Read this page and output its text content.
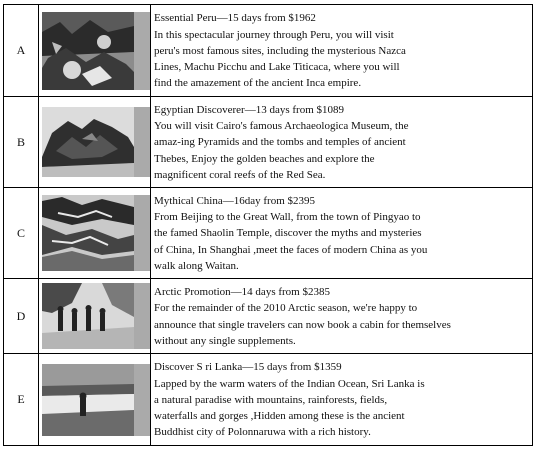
A		Essential Peru—15 days from $1962
In this spectacular journey through Peru, you will visit
peru's most famous sites, including the mysterious Nazca
Lines, Machu Picchu and Lake Titicaca, where you will
find the amazement of the ancient Inca empire.
B		Egyptian Discoverer—13 days from $1089
You will visit Cairo's famous Archaeologica Museum, the
amaz-ing Pyramids and the tombs and temples of ancient
Thebes, Enjoy the golden beaches and explore the
magnificent coral reefs of the Red Sea.
C		Mythical China—16day from $2395
From Beijing to the Great Wall, from the town of Pingyao to
the famed Shaolin Temple, discover the myths and mysteries
of China, In Shanghai ,meet the faces of modern China as you
walk along Waitan.
D		Arctic Promotion—14 days from $2385
For the remainder of the 2010 Arctic season, we're happy to
announce that single travelers can now book a cabin for themselves
without any single supplements.
E		Discover S ri Lanka—15 days from $1359
Lapped by the warm waters of the Indian Ocean, Sri Lanka is
a natural paradise with mountains, rainforests, fields,
waterfalls and gorges ,Hidden among these is the ancient
Buddhist city of Polonnaruwa with a rich history.
